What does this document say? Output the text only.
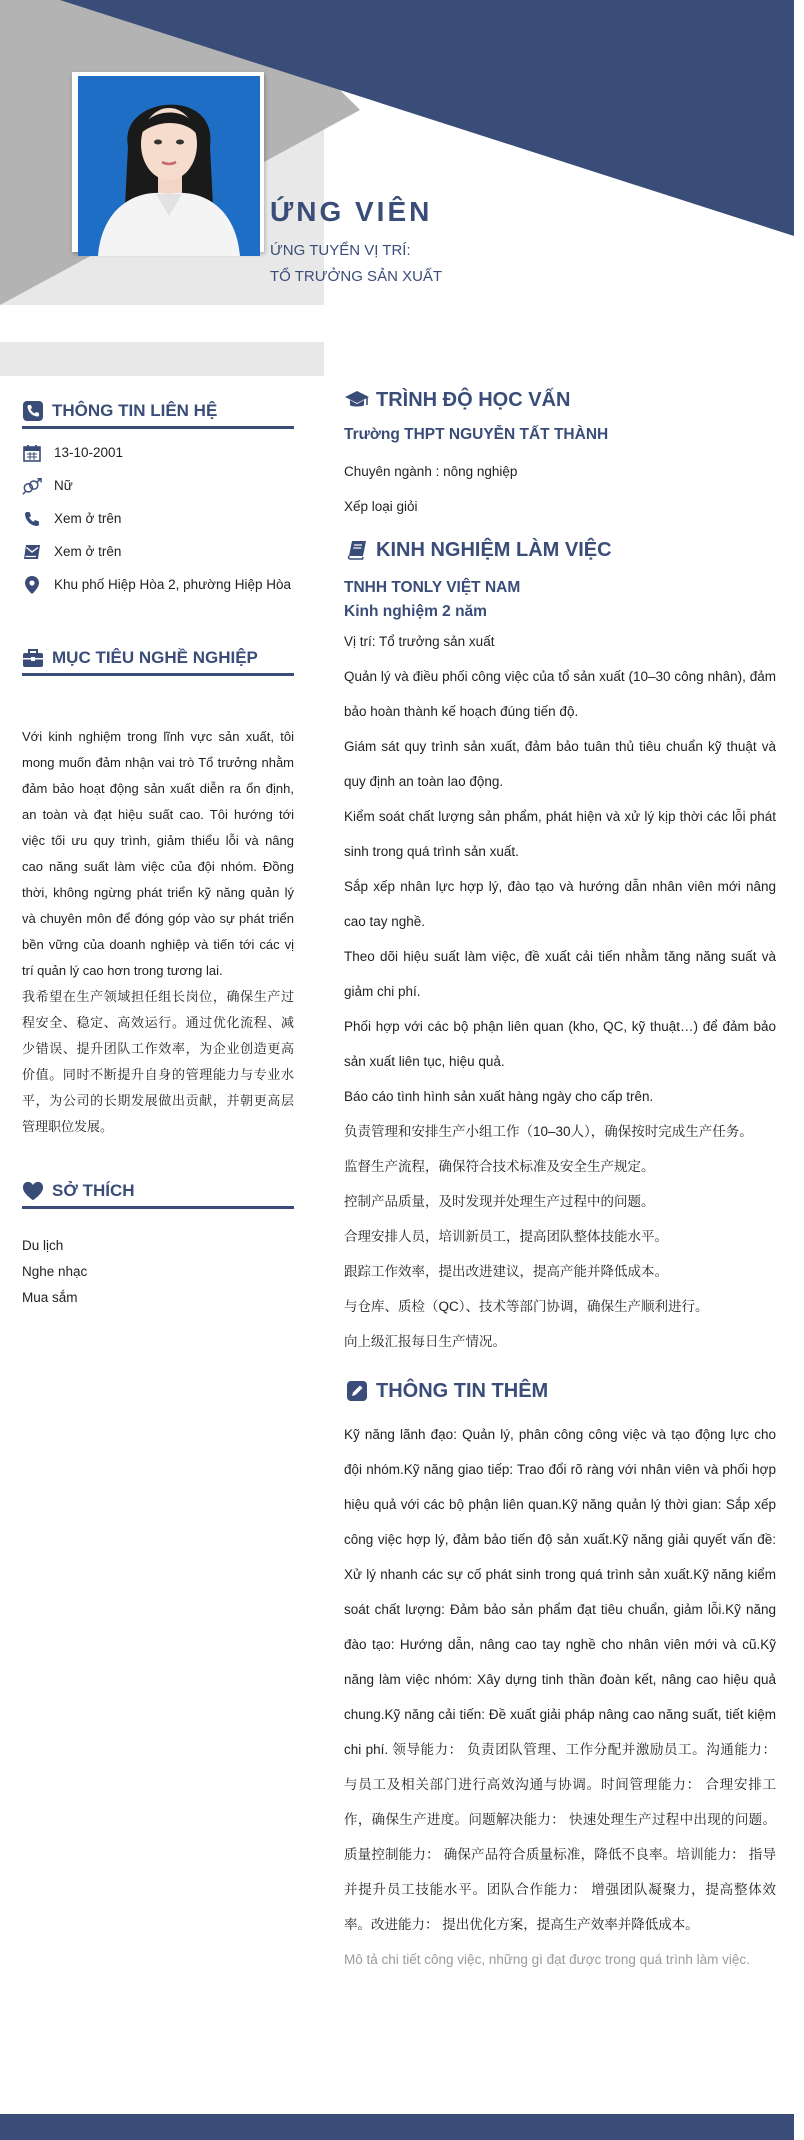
ỨNG VIÊN
ỨNG TUYỂN VỊ TRÍ:
TỔ TRƯỞNG SẢN XUẤT
THÔNG TIN LIÊN HỆ
13-10-2001
Nữ
Xem ở trên
Xem ở trên
Khu phố Hiệp Hòa 2, phường Hiệp Hòa
MỤC TIÊU NGHỀ NGHIỆP
Với kinh nghiệm trong lĩnh vực sản xuất, tôi mong muốn đảm nhận vai trò Tổ trưởng nhằm đảm bảo hoạt động sản xuất diễn ra ổn định, an toàn và đạt hiệu suất cao. Tôi hướng tới việc tối ưu quy trình, giảm thiểu lỗi và nâng cao năng suất làm việc của đội nhóm. Đồng thời, không ngừng phát triển kỹ năng quản lý và chuyên môn để đóng góp vào sự phát triển bền vững của doanh nghiệp và tiến tới các vị trí quản lý cao hơn trong tương lai.
我希望在生产领域担任组长岗位，确保生产过程安全、稳定、高效运行。通过优化流程、减少错误、提升团队工作效率，为企业创造更高价值。同时不断提升自身的管理能力与专业水平，为公司的长期发展做出贡献，并朝更高层管理职位发展。
SỞ THÍCH
Du lịch
Nghe nhạc
Mua sắm
TRÌNH ĐỘ HỌC VẤN
Trường THPT NGUYỄN TẤT THÀNH
Chuyên ngành : nông nghiệp
Xếp loại giỏi
KINH NGHIỆM LÀM VIỆC
TNHH TONLY VIỆT NAM
Kinh nghiệm 2 năm
Vị trí: Tổ trưởng sản xuất
Quản lý và điều phối công việc của tổ sản xuất (10–30 công nhân), đảm bảo hoàn thành kế hoạch đúng tiến độ.
Giám sát quy trình sản xuất, đảm bảo tuân thủ tiêu chuẩn kỹ thuật và quy định an toàn lao động.
Kiểm soát chất lượng sản phẩm, phát hiện và xử lý kịp thời các lỗi phát sinh trong quá trình sản xuất.
Sắp xếp nhân lực hợp lý, đào tạo và hướng dẫn nhân viên mới nâng cao tay nghề.
Theo dõi hiệu suất làm việc, đề xuất cải tiến nhằm tăng năng suất và giảm chi phí.
Phối hợp với các bộ phận liên quan (kho, QC, kỹ thuật…) để đảm bảo sản xuất liên tục, hiệu quả.
Báo cáo tình hình sản xuất hàng ngày cho cấp trên.
负责管理和安排生产小组工作（10–30人），确保按时完成生产任务。
监督生产流程，确保符合技术标准及安全生产规定。
控制产品质量，及时发现并处理生产过程中的问题。
合理安排人员，培训新员工，提高团队整体技能水平。
跟踪工作效率，提出改进建议，提高产能并降低成本。
与仓库、质检（QC）、技术等部门协调，确保生产顺利进行。
向上级汇报每日生产情况。
THÔNG TIN THÊM
Kỹ năng lãnh đạo: Quản lý, phân công công việc và tạo động lực cho đội nhóm.Kỹ năng giao tiếp: Trao đổi rõ ràng với nhân viên và phối hợp hiệu quả với các bộ phận liên quan.Kỹ năng quản lý thời gian: Sắp xếp công việc hợp lý, đảm bảo tiến độ sản xuất.Kỹ năng giải quyết vấn đề: Xử lý nhanh các sự cố phát sinh trong quá trình sản xuất.Kỹ năng kiểm soát chất lượng: Đảm bảo sản phẩm đạt tiêu chuẩn, giảm lỗi.Kỹ năng đào tạo: Hướng dẫn, nâng cao tay nghề cho nhân viên mới và cũ.Kỹ năng làm việc nhóm: Xây dựng tinh thần đoàn kết, nâng cao hiệu quả chung.Kỹ năng cải tiến: Đề xuất giải pháp nâng cao năng suất, tiết kiệm chi phí. 领导能力： 负责团队管理、工作分配并激励员工。沟通能力： 与员工及相关部门进行高效沟通与协调。时间管理能力： 合理安排工作，确保生产进度。问题解决能力： 快速处理生产过程中出现的问题。质量控制能力： 确保产品符合质量标准，降低不良率。培训能力： 指导并提升员工技能水平。团队合作能力： 增强团队凝聚力，提高整体效率。改进能力： 提出优化方案，提高生产效率并降低成本。
Mô tả chi tiết công việc, những gì đạt được trong quá trình làm việc.
